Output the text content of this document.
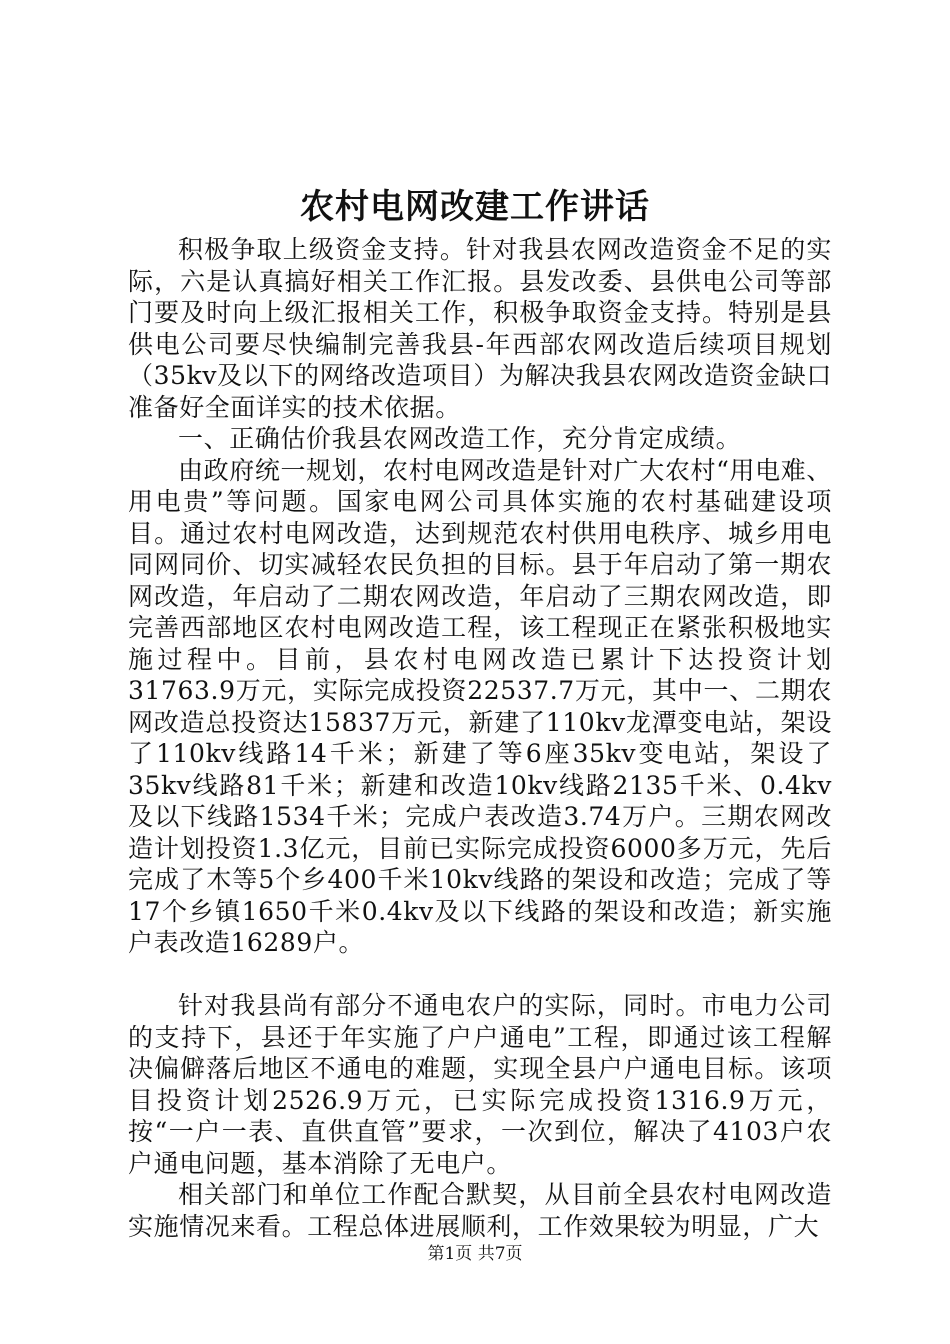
农村电网改建工作讲话

积极争取上级资金支持。针对我县农网改造资金不足的实际，六是认真搞好相关工作汇报。县发改委、县供电公司等部门要及时向上级汇报相关工作，积极争取资金支持。特别是县供电公司要尽快编制完善我县-年西部农网改造后续项目规划（35kv及以下的网络改造项目）为解决我县农网改造资金缺口准备好全面详实的技术依据。

一、正确估价我县农网改造工作，充分肯定成绩。

由政府统一规划，农村电网改造是针对广大农村“用电难、用电贵”等问题。国家电网公司具体实施的农村基础建设项目。通过农村电网改造，达到规范农村供用电秩序、城乡用电同网同价、切实减轻农民负担的目标。县于年启动了第一期农网改造，年启动了二期农网改造，年启动了三期农网改造，即完善西部地区农村电网改造工程，该工程现正在紧张积极地实施过程中。目前，县农村电网改造已累计下达投资计划31763.9万元，实际完成投资22537.7万元，其中一、二期农网改造总投资达15837万元，新建了110kv龙潭变电站，架设了110kv线路14千米；新建了等6座35kv变电站，架设了35kv线路81千米；新建和改造10kv线路2135千米、0.4kv及以下线路1534千米；完成户表改造3.74万户。三期农网改造计划投资1.3亿元，目前已实际完成投资6000多万元，先后完成了木等5个乡400千米10kv线路的架设和改造；完成了等17个乡镇1650千米0.4kv及以下线路的架设和改造；新实施户表改造16289户。

针对我县尚有部分不通电农户的实际，同时。市电力公司的支持下，县还于年实施了户户通电”工程，即通过该工程解决偏僻落后地区不通电的难题，实现全县户户通电目标。该项目投资计划2526.9万元，已实际完成投资1316.9万元，按“一户一表、直供直管”要求，一次到位，解决了4103户农户通电问题，基本消除了无电户。

相关部门和单位工作配合默契，从目前全县农村电网改造实施情况来看。工程总体进展顺利，工作效果较为明显，广大

第1页 共7页
